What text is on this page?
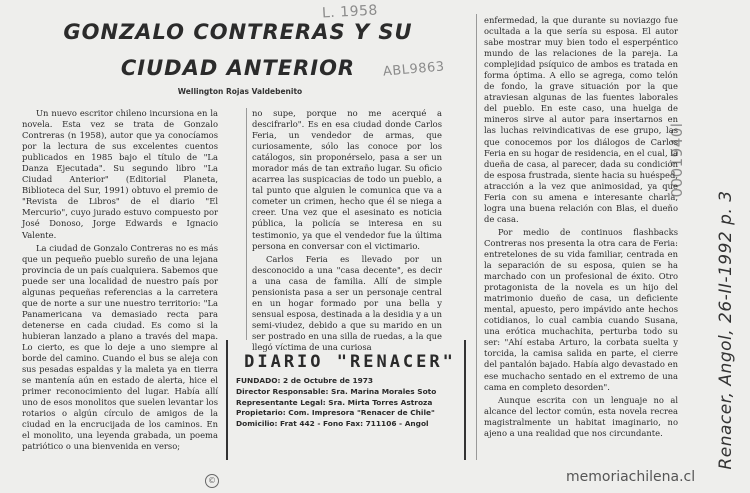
GONZALO CONTRERAS Y SU
CIUDAD ANTERIOR
Wellington Rojas Valdebenito
L. 1958
ABL9863
0001940l
Renacer, Angol, 26-II-1992 p. 3

Un nuevo escritor chileno incursiona en la novela. Esta vez se trata de Gonzalo Contreras (n 1958), autor que ya conocíamos por la lectura de sus excelentes cuentos publicados en 1985 bajo el título de "La Danza Ejecutada". Su segundo libro "La Ciudad Anterior" (Editorial Planeta, Biblioteca del Sur, 1991) obtuvo el premio de "Revista de Libros" de el diario "El Mercurio", cuyo jurado estuvo compuesto por José Donoso, Jorge Edwards e Ignacio Valente.

La ciudad de Gonzalo Contreras no es más que un pequeño pueblo sureño de una lejana provincia de un país cualquiera. Sabemos que puede ser una localidad de nuestro país por algunas pequeñas referencias a la carretera que de norte a sur une nuestro territorio: "La Panamericana va demasiado recta para detenerse en cada ciudad. Es como si la hubieran lanzado a plano a través del mapa. Lo cierto, es que lo deje a uno siempre al borde del camino. Cuando el bus se aleja con sus pesadas espaldas y la maleta ya en tierra se mantenía aún en estado de alerta, hice el primer reconocimiento del lugar. Había allí uno de esos monolitos que suelen levantar los rotarios o algún círculo de amigos de la ciudad en la encrucijada de los caminos. En el monolito, una leyenda grabada, un poema patriótico o una bienvenida en verso;

no supe, porque no me acerqué a descifrarlo". Es en esa ciudad donde Carlos Feria, un vendedor de armas, que curiosamente, sólo las conoce por los catálogos, sin proponérselo, pasa a ser un morador más de tan extraño lugar. Su oficio acarrea las suspicacias de todo un pueblo, a tal punto que alguien le comunica que va a cometer un crimen, hecho que él se niega a creer. Una vez que el asesinato es noticia pública, la policía se interesa en su testimonio, ya que el vendedor fue la última persona en conversar con el victimario.

Carlos Feria es llevado por un desconocido a una "casa decente", es decir a una casa de familia. Allí de simple pensionista pasa a ser un personaje central en un hogar formado por una bella y sensual esposa, destinada a la desidia y a un semi-viudez, debido a que su marido en un ser postrado en una silla de ruedas, a la que llegó víctima de una curiosa

enfermedad, la que durante su noviazgo fue ocultada a la que sería su esposa. El autor sabe mostrar muy bien todo el esperpéntico mundo de las relaciones de la pareja. La complejidad psíquico de ambos es tratada en forma óptima. A ello se agrega, como telón de fondo, la grave situación por la que atraviesan algunas de las fuentes laborales del pueblo. En este caso, una huelga de mineros sirve al autor para insertarnos en las luchas reivindicativas de ese grupo, las que conocemos por los diálogos de Carlos Feria en su hogar de residencia, en el cual, la dueña de casa, al parecer, dada su condición de esposa frustrada, siente hacia su huésped, atracción a la vez que animosidad, ya que Feria con su amena e interesante charla, logra una buena relación con Blas, el dueño de casa.

Por medio de continuos flashbacks Contreras nos presenta la otra cara de Feria: entretelones de su vida familiar, centrada en la separación de su esposa, quien se ha marchado con un profesional de éxito. Otro protagonista de la novela es un hijo del matrimonio dueño de casa, un deficiente mental, apuesto, pero impávido ante hechos cotidianos, lo cual cambia cuando Susana, una erótica muchachita, perturba todo su ser: "Ahí estaba Arturo, la corbata suelta y torcida, la camisa salida en parte, el cierre del pantalón bajado. Había algo devastado en ese muchacho sentado en el extremo de una cama en completo desorden".

Aunque escrita con un lenguaje no al alcance del lector común, esta novela recrea magistralmente un habitat imaginario, no ajeno a una realidad que nos circundante.

DIARIO "RENACER"
FUNDADO: 2 de Octubre de 1973
Director Responsable: Sra. Marina Morales Soto
Representante Legal: Sra. Mirta Torres Astroza
Propietario: Com. Impresora "Renacer de Chile"
Domicilio: Frat 442 - Fono Fax: 711106 - Angol
©	memoriachilena.cl
